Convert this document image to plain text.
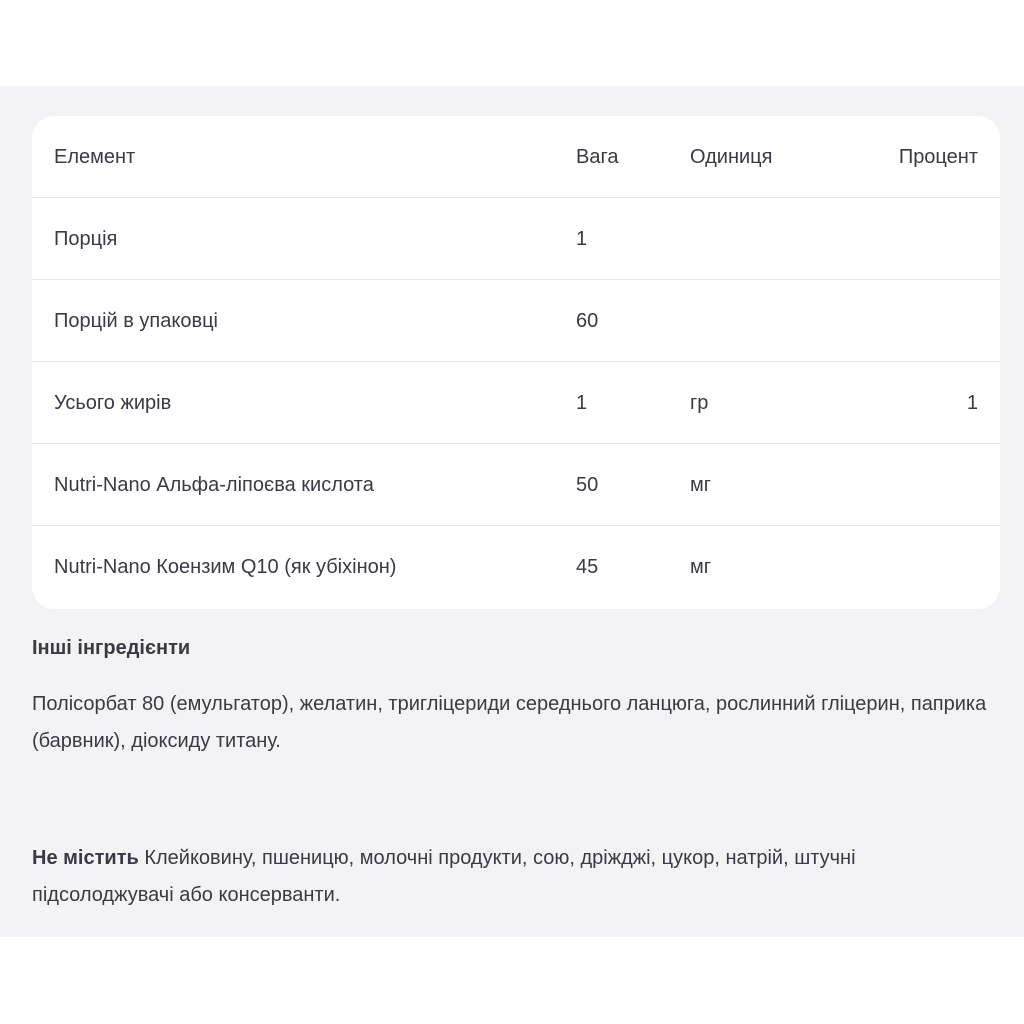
Елемент	Вага	Одиниця	Процент
Порція	1
Порцій в упаковці	60
Усього жирів	1	гр	1
Nutri-Nano Альфа-ліпоєва кислота	50	мг
Nutri-Nano Коензим Q10 (як убіхінон)	45	мг
Інші інгредієнти
Полісорбат 80 (емульгатор), желатин, тригліцериди середнього ланцюга, рослинний гліцерин, паприка (барвник), діоксиду титану.
Не містить Клейковину, пшеницю, молочні продукти, сою, дріжджі, цукор, натрій, штучні підсолоджувачі або консерванти.
